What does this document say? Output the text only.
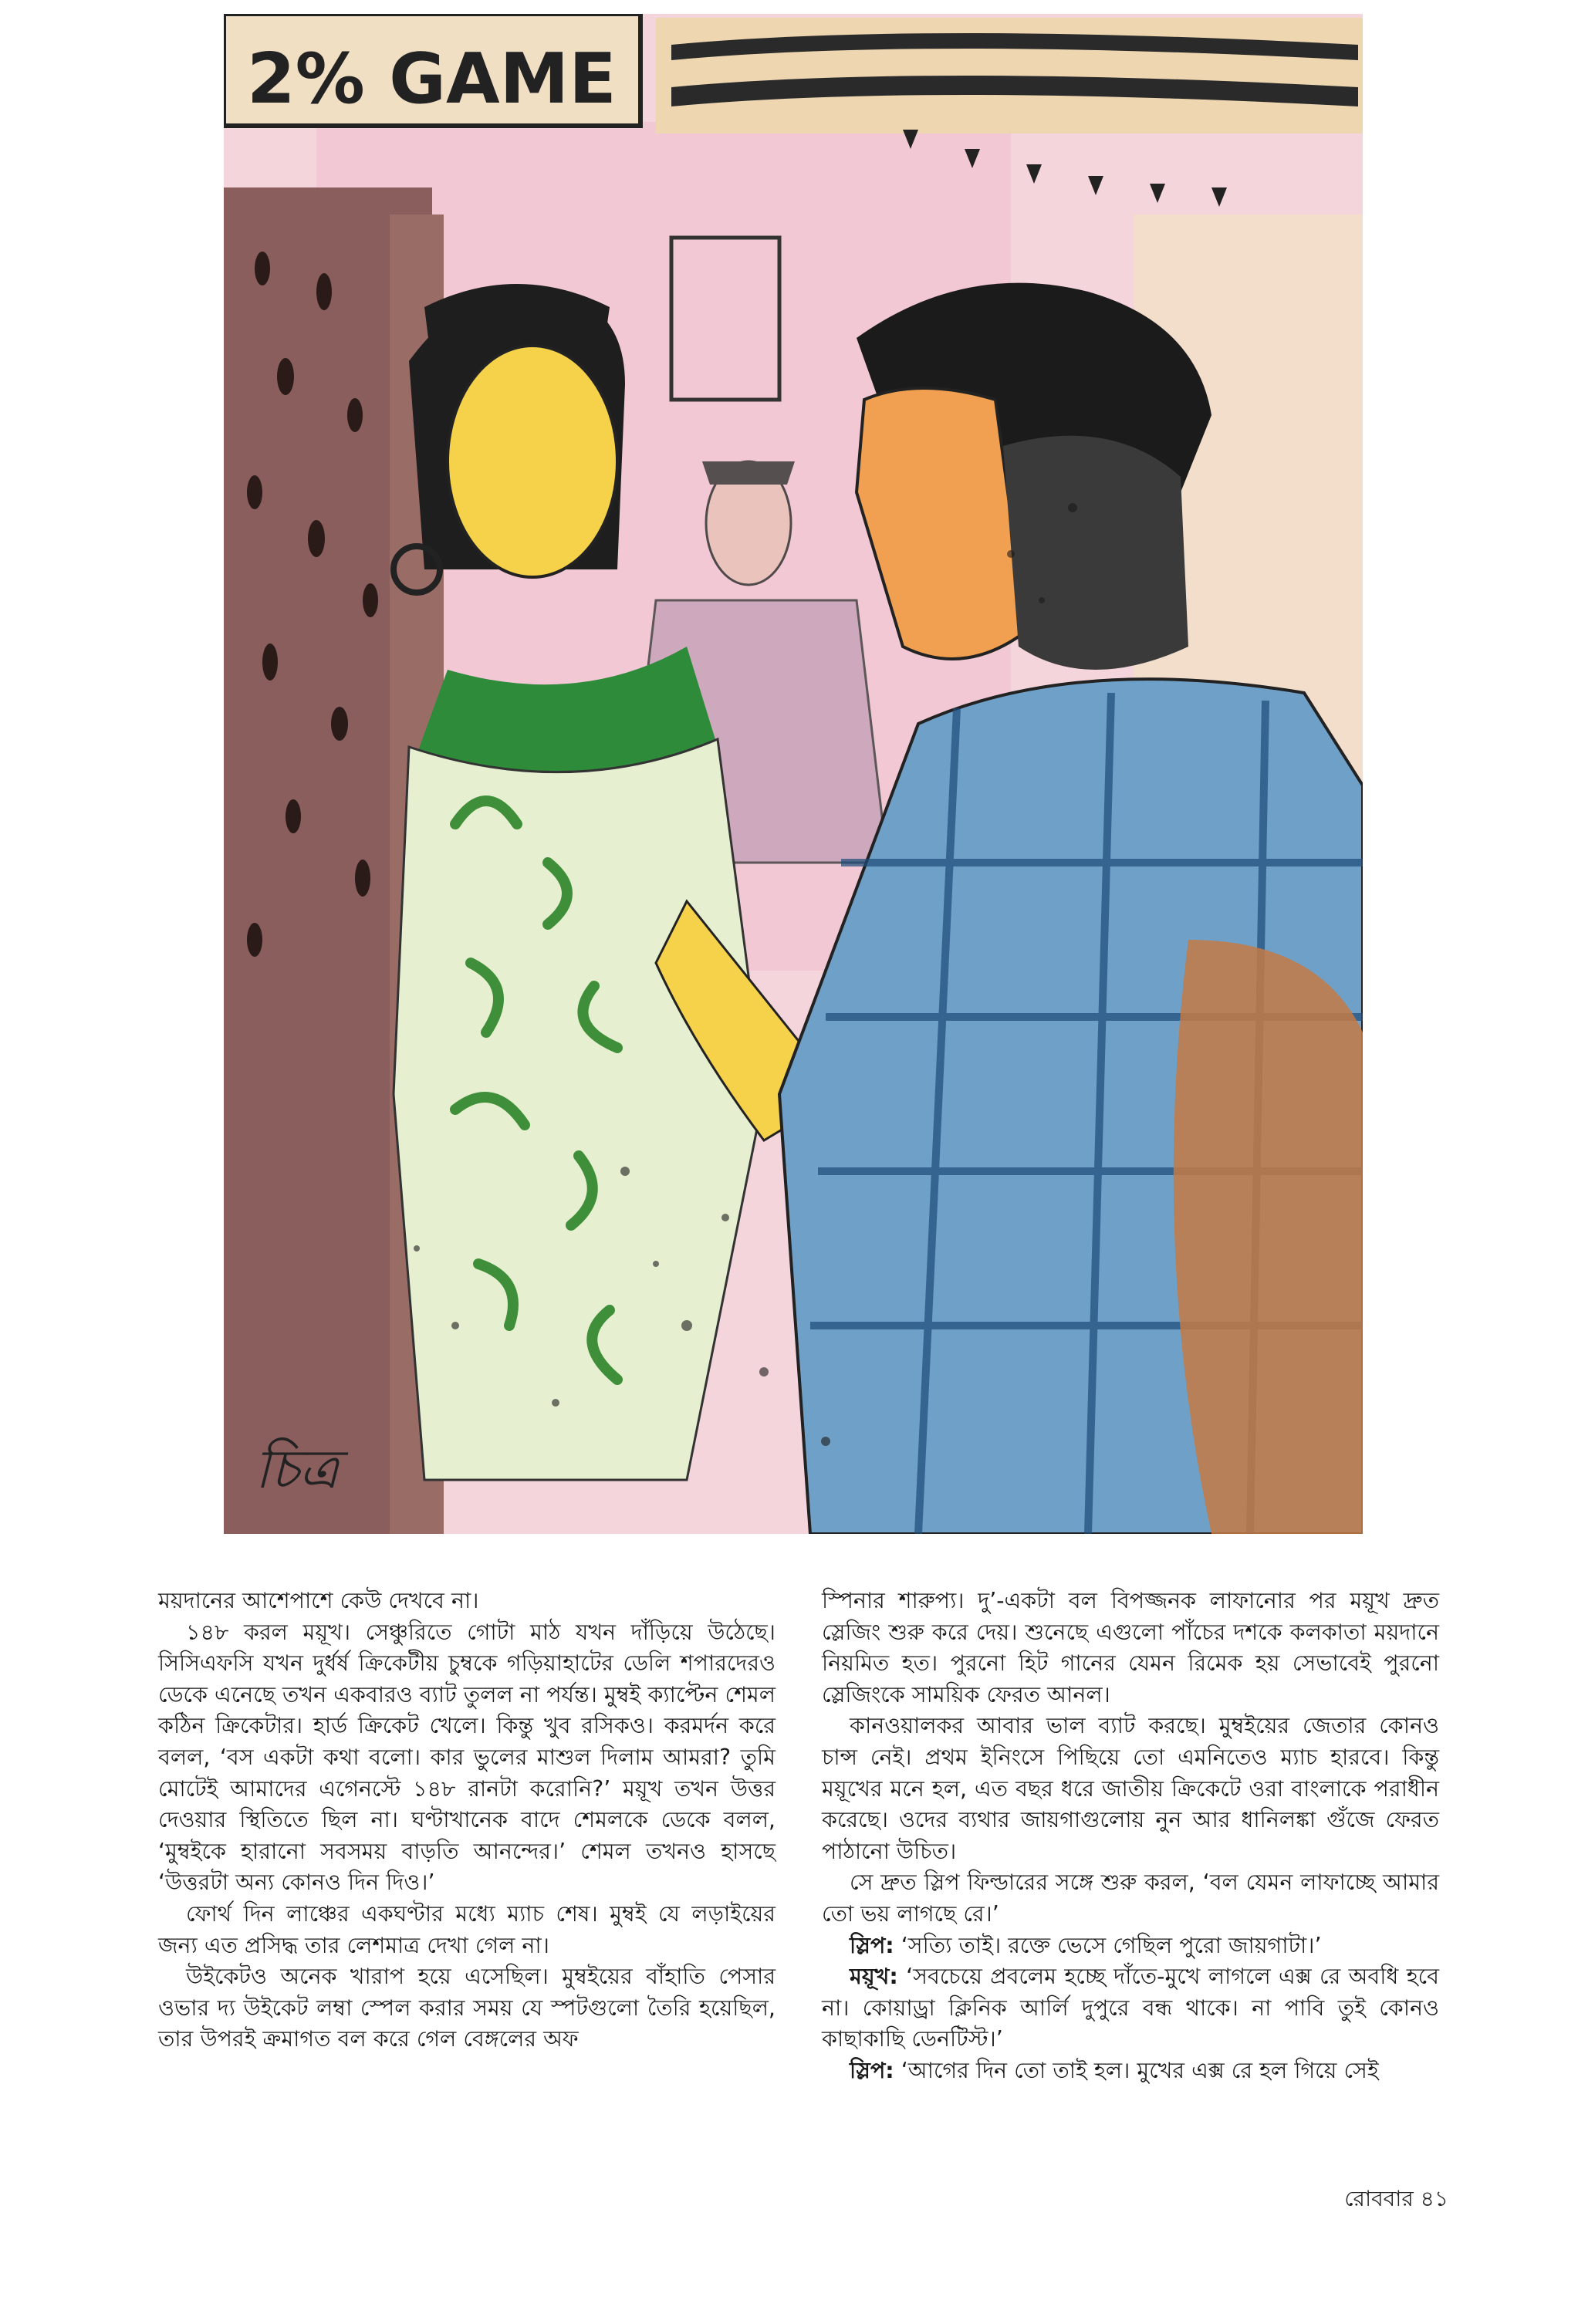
2% GAME
চিত্র

ময়দানের আশেপাশে কেউ দেখবে না।

১৪৮ করল ময়ূখ। সেঞ্চুরিতে গোটা মাঠ যখন দাঁড়িয়ে উঠেছে। সিসিএফসি যখন দুর্ধর্ষ ক্রিকেটীয় চুম্বকে গড়িয়াহাটের ডেলি শপারদেরও ডেকে এনেছে তখন একবারও ব্যাট তুলল না পর্যন্ত। মুম্বই ক্যাপ্টেন শেমল কঠিন ক্রিকেটার। হার্ড ক্রিকেট খেলে। কিন্তু খুব রসিকও। করমর্দন করে বলল, ‘বস একটা কথা বলো। কার ভুলের মাশুল দিলাম আমরা? তুমি মোটেই আমাদের এগেনস্টে ১৪৮ রানটা করোনি?’ ময়ূখ তখন উত্তর দেওয়ার স্থিতিতে ছিল না। ঘণ্টাখানেক বাদে শেমলকে ডেকে বলল, ‘মুম্বইকে হারানো সবসময় বাড়তি আনন্দের।’ শেমল তখনও হাসছে ‘উত্তরটা অন্য কোনও দিন দিও।’

ফোর্থ দিন লাঞ্চের একঘণ্টার মধ্যে ম্যাচ শেষ। মুম্বই যে লড়াইয়ের জন্য এত প্রসিদ্ধ তার লেশমাত্র দেখা গেল না।

উইকেটও অনেক খারাপ হয়ে এসেছিল। মুম্বইয়ের বাঁহাতি পেসার ওভার দ্য উইকেট লম্বা স্পেল করার সময় যে স্পটগুলো তৈরি হয়েছিল, তার উপরই ক্রমাগত বল করে গেল বেঙ্গলের অফ

স্পিনার শারুপ্য। দু’-একটা বল বিপজ্জনক লাফানোর পর ময়ূখ দ্রুত স্লেজিং শুরু করে দেয়। শুনেছে এগুলো পাঁচের দশকে কলকাতা ময়দানে নিয়মিত হত। পুরনো হিট গানের যেমন রিমেক হয় সেভাবেই পুরনো স্লেজিংকে সাময়িক ফেরত আনল।

কানওয়ালকর আবার ভাল ব্যাট করছে। মুম্বইয়ের জেতার কোনও চান্স নেই। প্রথম ইনিংসে পিছিয়ে তো এমনিতেও ম্যাচ হারবে। কিন্তু ময়ূখের মনে হল, এত বছর ধরে জাতীয় ক্রিকেটে ওরা বাংলাকে পরাধীন করেছে। ওদের ব্যথার জায়গাগুলোয় নুন আর ধানিলঙ্কা গুঁজে ফেরত পাঠানো উচিত।

সে দ্রুত স্লিপ ফিল্ডারের সঙ্গে শুরু করল, ‘বল যেমন লাফাচ্ছে আমার তো ভয় লাগছে রে।’

স্লিপ: ‘সত্যি তাই। রক্তে ভেসে গেছিল পুরো জায়গাটা।’

ময়ূখ: ‘সবচেয়ে প্রবলেম হচ্ছে দাঁতে-মুখে লাগলে এক্স রে অবধি হবে না। কোয়াড্রা ক্লিনিক আর্লি দুপুরে বন্ধ থাকে। না পাবি তুই কোনও কাছাকাছি ডেনটিস্ট।’

স্লিপ: ‘আগের দিন তো তাই হল। মুখের এক্স রে হল গিয়ে সেই

রোববার ৪১
